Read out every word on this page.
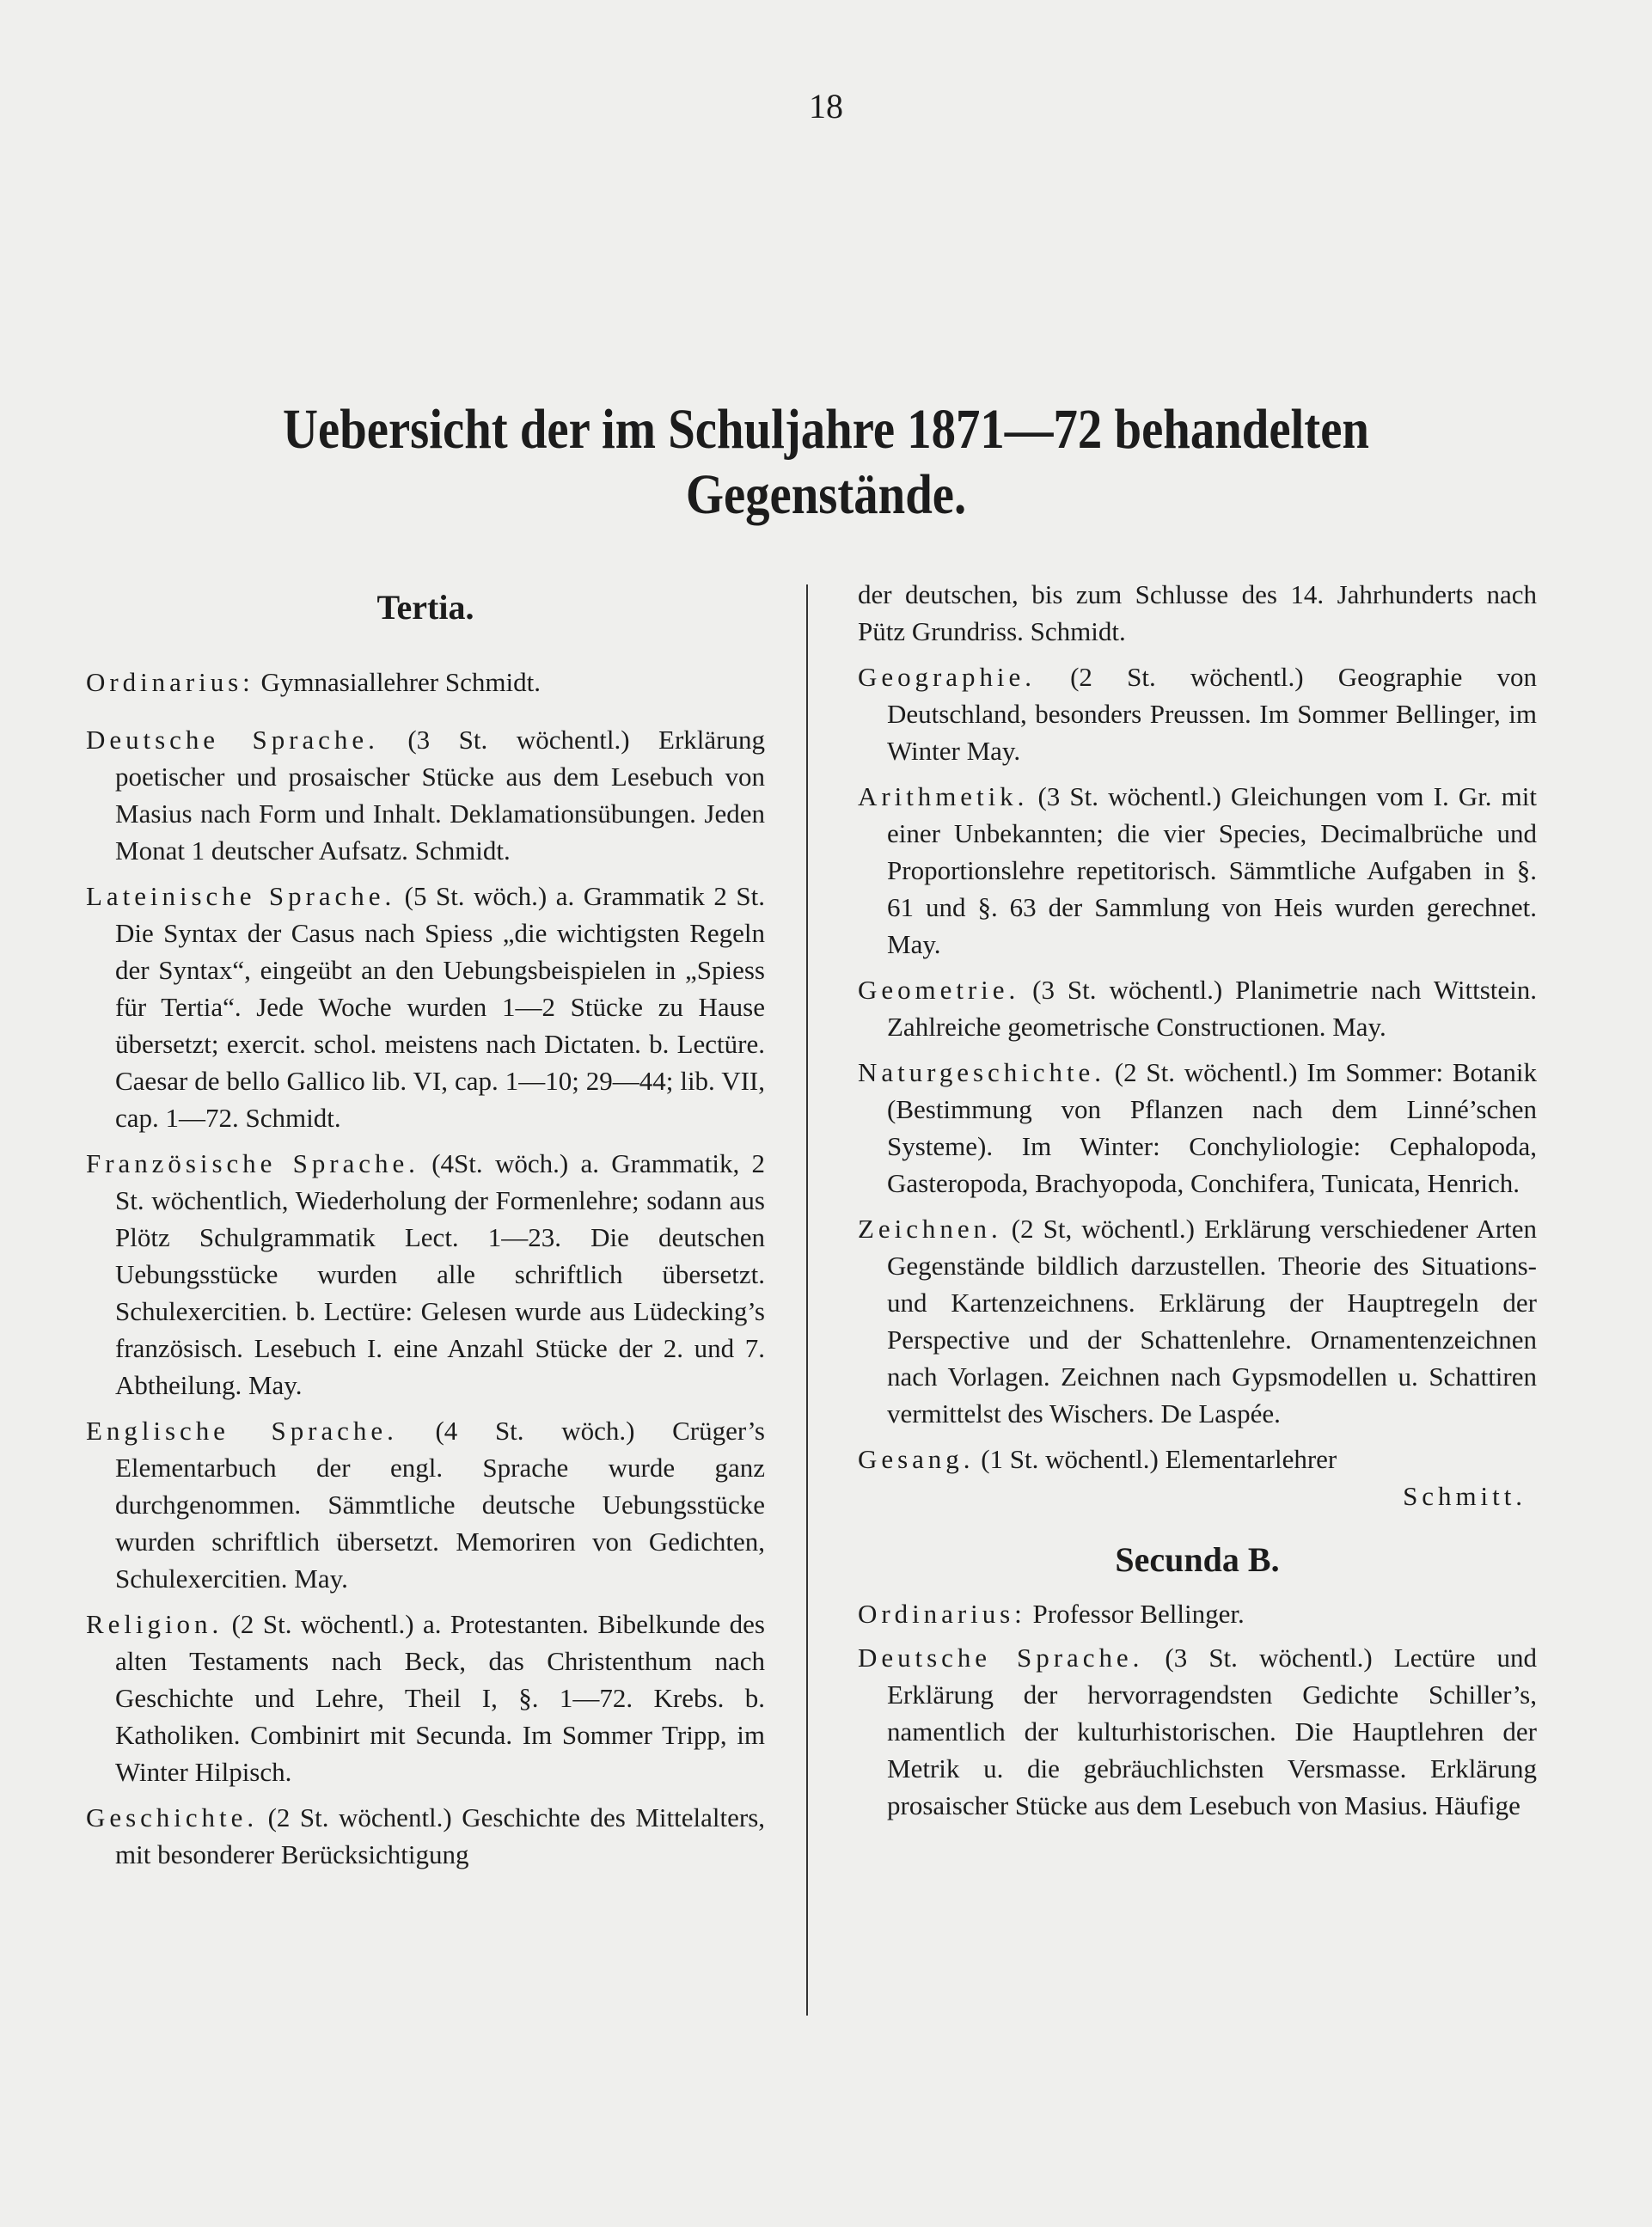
18
Uebersicht der im Schuljahre 1871—72 behandelten Gegenstände.
Tertia.

Ordinarius: Gymnasiallehrer Schmidt.

Deutsche Sprache. (3 St. wöchentl.) Erklärung poetischer und prosaischer Stücke aus dem Lesebuch von Masius nach Form und Inhalt. Deklamationsübungen. Jeden Monat 1 deutscher Aufsatz. Schmidt.

Lateinische Sprache. (5 St. wöch.) a. Grammatik 2 St. Die Syntax der Casus nach Spiess „die wichtigsten Regeln der Syntax“, eingeübt an den Uebungsbeispielen in „Spiess für Tertia“. Jede Woche wurden 1—2 Stücke zu Hause übersetzt; exercit. schol. meistens nach Dictaten. b. Lectüre. Caesar de bello Gallico lib. VI, cap. 1—10; 29—44; lib. VII, cap. 1—72. Schmidt.

Französische Sprache. (4St. wöch.) a. Grammatik, 2 St. wöchentlich, Wiederholung der Formenlehre; sodann aus Plötz Schulgrammatik Lect. 1—23. Die deutschen Uebungsstücke wurden alle schriftlich übersetzt. Schulexercitien. b. Lectüre: Gelesen wurde aus Lüdecking’s französisch. Lesebuch I. eine Anzahl Stücke der 2. und 7. Abtheilung. May.

Englische Sprache. (4 St. wöch.) Crüger’s Elementarbuch der engl. Sprache wurde ganz durchgenommen. Sämmtliche deutsche Uebungsstücke wurden schriftlich übersetzt. Memoriren von Gedichten, Schulexercitien. May.

Religion. (2 St. wöchentl.) a. Protestanten. Bibelkunde des alten Testaments nach Beck, das Christenthum nach Geschichte und Lehre, Theil I, §. 1—72. Krebs. b. Katholiken. Combinirt mit Secunda. Im Sommer Tripp, im Winter Hilpisch.

Geschichte. (2 St. wöchentl.) Geschichte des Mittelalters, mit besonderer Berücksichtigung

der deutschen, bis zum Schlusse des 14. Jahrhunderts nach Pütz Grundriss. Schmidt.

Geographie. (2 St. wöchentl.) Geographie von Deutschland, besonders Preussen. Im Sommer Bellinger, im Winter May.

Arithmetik. (3 St. wöchentl.) Gleichungen vom I. Gr. mit einer Unbekannten; die vier Species, Decimalbrüche und Proportionslehre repetitorisch. Sämmtliche Aufgaben in §. 61 und §. 63 der Sammlung von Heis wurden gerechnet. May.

Geometrie. (3 St. wöchentl.) Planimetrie nach Wittstein. Zahlreiche geometrische Constructionen. May.

Naturgeschichte. (2 St. wöchentl.) Im Sommer: Botanik (Bestimmung von Pflanzen nach dem Linné’schen Systeme). Im Winter: Conchyliologie: Cephalopoda, Gasteropoda, Brachyopoda, Conchifera, Tunicata, Henrich.

Zeichnen. (2 St, wöchentl.) Erklärung verschiedener Arten Gegenstände bildlich darzustellen. Theorie des Situations- und Kartenzeichnens. Erklärung der Hauptregeln der Perspective und der Schattenlehre. Ornamentenzeichnen nach Vorlagen. Zeichnen nach Gypsmodellen u. Schattiren vermittelst des Wischers. De Laspée.

Gesang. (1 St. wöchentl.) Elementarlehrer

Schmitt.
Secunda B.

Ordinarius: Professor Bellinger.

Deutsche Sprache. (3 St. wöchentl.) Lectüre und Erklärung der hervorragendsten Gedichte Schiller’s, namentlich der kulturhistorischen. Die Hauptlehren der Metrik u. die gebräuchlichsten Versmasse. Erklärung prosaischer Stücke aus dem Lesebuch von Masius. Häufige
